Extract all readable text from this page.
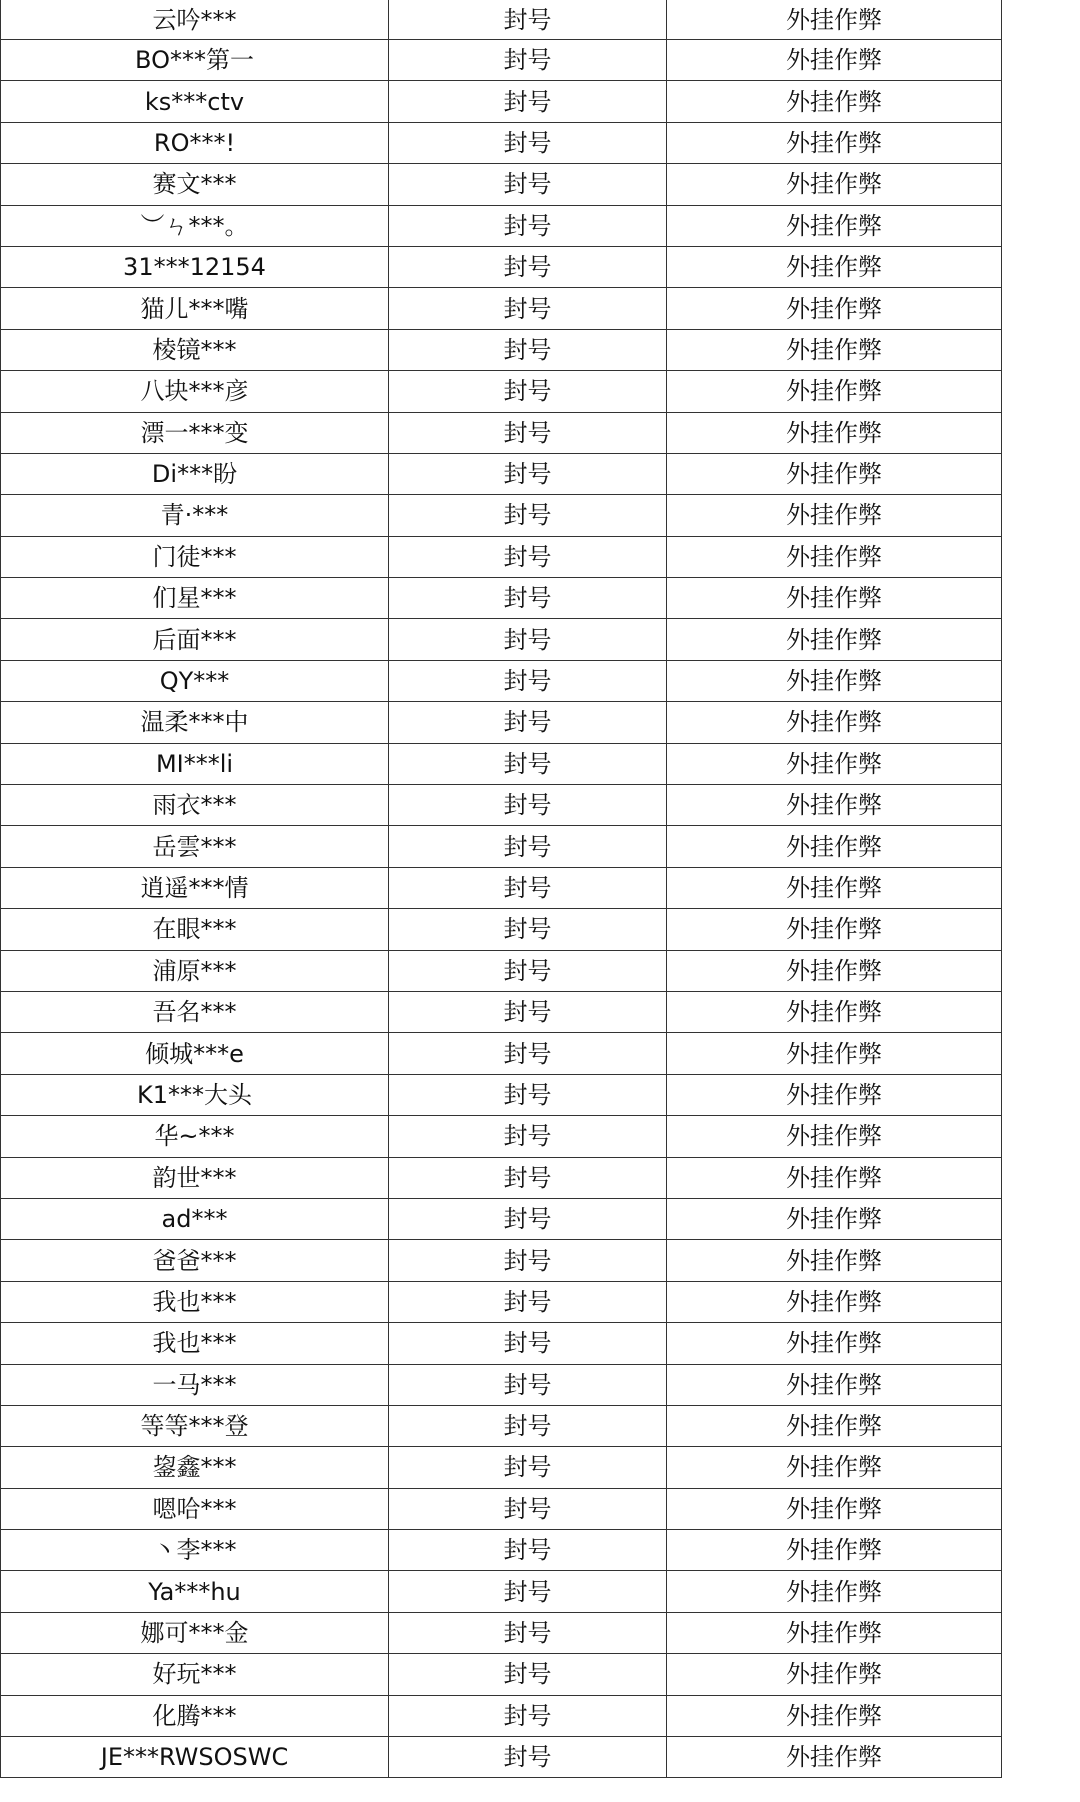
云吟***	封号	外挂作弊
BO***第一	封号	外挂作弊
ks***ctv	封号	外挂作弊
RO***!	封号	外挂作弊
赛文***	封号	外挂作弊
︶ㄣ***。	封号	外挂作弊
31***12154	封号	外挂作弊
猫儿***嘴	封号	外挂作弊
棱镜***	封号	外挂作弊
八块***彦	封号	外挂作弊
漂一***变	封号	外挂作弊
Di***盼	封号	外挂作弊
青·***	封号	外挂作弊
门徒***	封号	外挂作弊
们星***	封号	外挂作弊
后面***	封号	外挂作弊
QY***	封号	外挂作弊
温柔***中	封号	外挂作弊
MI***li	封号	外挂作弊
雨衣***	封号	外挂作弊
岳雲***	封号	外挂作弊
逍遥***情	封号	外挂作弊
在眼***	封号	外挂作弊
浦原***	封号	外挂作弊
吾名***	封号	外挂作弊
倾城***e	封号	外挂作弊
K1***大头	封号	外挂作弊
华~***	封号	外挂作弊
韵世***	封号	外挂作弊
ad***	封号	外挂作弊
爸爸***	封号	外挂作弊
我也***	封号	外挂作弊
我也***	封号	外挂作弊
一马***	封号	外挂作弊
等等***登	封号	外挂作弊
鋆鑫***	封号	外挂作弊
嗯哈***	封号	外挂作弊
丶李***	封号	外挂作弊
Ya***hu	封号	外挂作弊
娜可***金	封号	外挂作弊
好玩***	封号	外挂作弊
化腾***	封号	外挂作弊
JE***RWSOSWC	封号	外挂作弊
